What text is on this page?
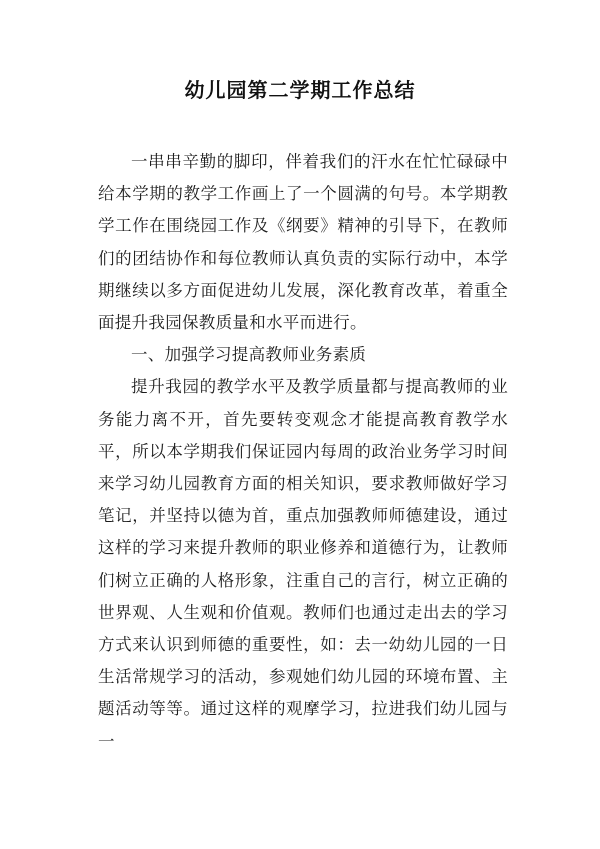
幼儿园第二学期工作总结

一串串辛勤的脚印，伴着我们的汗水在忙忙碌碌中给本学期的教学工作画上了一个圆满的句号。本学期教学工作在围绕园工作及《纲要》精神的引导下，在教师们的团结协作和每位教师认真负责的实际行动中，本学期继续以多方面促进幼儿发展，深化教育改革，着重全面提升我园保教质量和水平而进行。

一、加强学习提高教师业务素质

提升我园的教学水平及教学质量都与提高教师的业务能力离不开，首先要转变观念才能提高教育教学水平，所以本学期我们保证园内每周的政治业务学习时间来学习幼儿园教育方面的相关知识，要求教师做好学习笔记，并坚持以德为首，重点加强教师师德建设，通过这样的学习来提升教师的职业修养和道德行为，让教师们树立正确的人格形象，注重自己的言行，树立正确的世界观、人生观和价值观。教师们也通过走出去的学习方式来认识到师德的重要性，如：去一幼幼儿园的一日生活常规学习的活动，参观她们幼儿园的环境布置、主题活动等等。通过这样的观摩学习，拉进我们幼儿园与一
